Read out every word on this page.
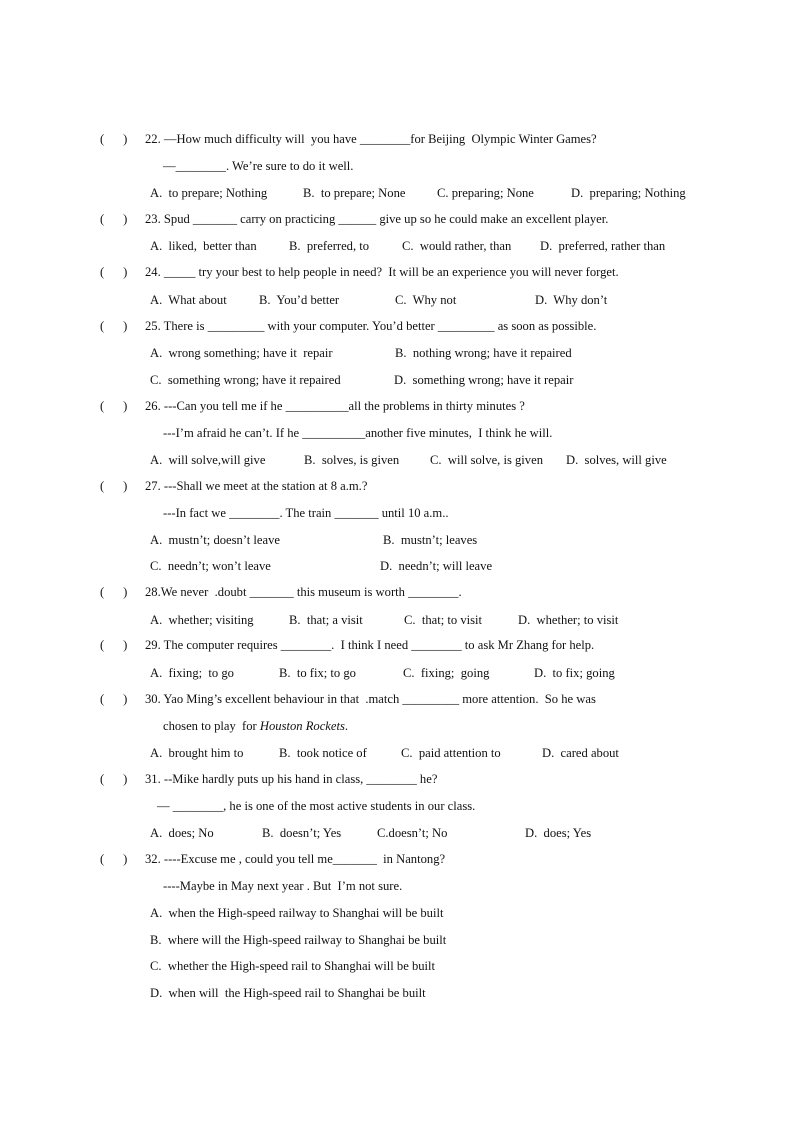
(      ) 22. —How much difficulty will  you have ________for Beijing  Olympic Winter Games?
—________. We’re sure to do it well.
A.  to prepare; Nothing	B.  to prepare; None	C. preparing; None	D.  preparing; Nothing
(      ) 23. Spud _______ carry on practicing ______ give up so he could make an excellent player.
A.  liked,  better than	B.  preferred, to	C.  would rather, than D.  preferred, rather than
(      ) 24. _____ try your best to help people in need?  It will be an experience you will never forget.
A.  What about	B.  You’d better	C.  Why not	D.  Why don’t
(      ) 25. There is _________ with your computer. You’d better _________ as soon as possible.
A.  wrong something; have it  repair	B.  nothing wrong; have it repaired
C.  something wrong; have it repaired	D.  something wrong; have it repair
(      ) 26. ---Can you tell me if he __________all the problems in thirty minutes ?
---I’m afraid he can’t. If he __________another five minutes,  I think he will.
A.  will solve,will give	B.  solves, is given C.  will solve, is given D.  solves, will give
(      ) 27. ---Shall we meet at the station at 8 a.m.?
---In fact we ________. The train _______ until 10 a.m..
A.  mustn’t; doesn’t leave	B.  mustn’t; leaves
C.  needn’t; won’t leave	D.  needn’t; will leave
(      ) 28.We never  .doubt _______ this museum is worth ________.
A.  whether; visiting	B.  that; a visit	C.  that; to visit	D.  whether; to visit
(      ) 29. The computer requires ________.  I think I need ________ to ask Mr Zhang for help.
A.  fixing;  to go	B.  to fix; to go	C.  fixing;  going	D.  to fix; going
(      ) 30. Yao Ming’s excellent behaviour in that  .match _________ more attention.  So he was
chosen to play  for Houston Rockets.
A.  brought him to	B.  took notice of	C.  paid attention to	D.  cared about
(      ) 31. --Mike hardly puts up his hand in class, ________ he?
— ________, he is one of the most active students in our class.
A.  does; No	B.  doesn’t; Yes	C.doesn’t; No	D.  does; Yes
(      ) 32. ----Excuse me , could you tell me_______  in Nantong?
----Maybe in May next year . But  I’m not sure.
A.  when the High-speed railway to Shanghai will be built
B.  where will the High-speed railway to Shanghai be built
C.  whether the High-speed rail to Shanghai will be built
D.  when will  the High-speed rail to Shanghai be built
